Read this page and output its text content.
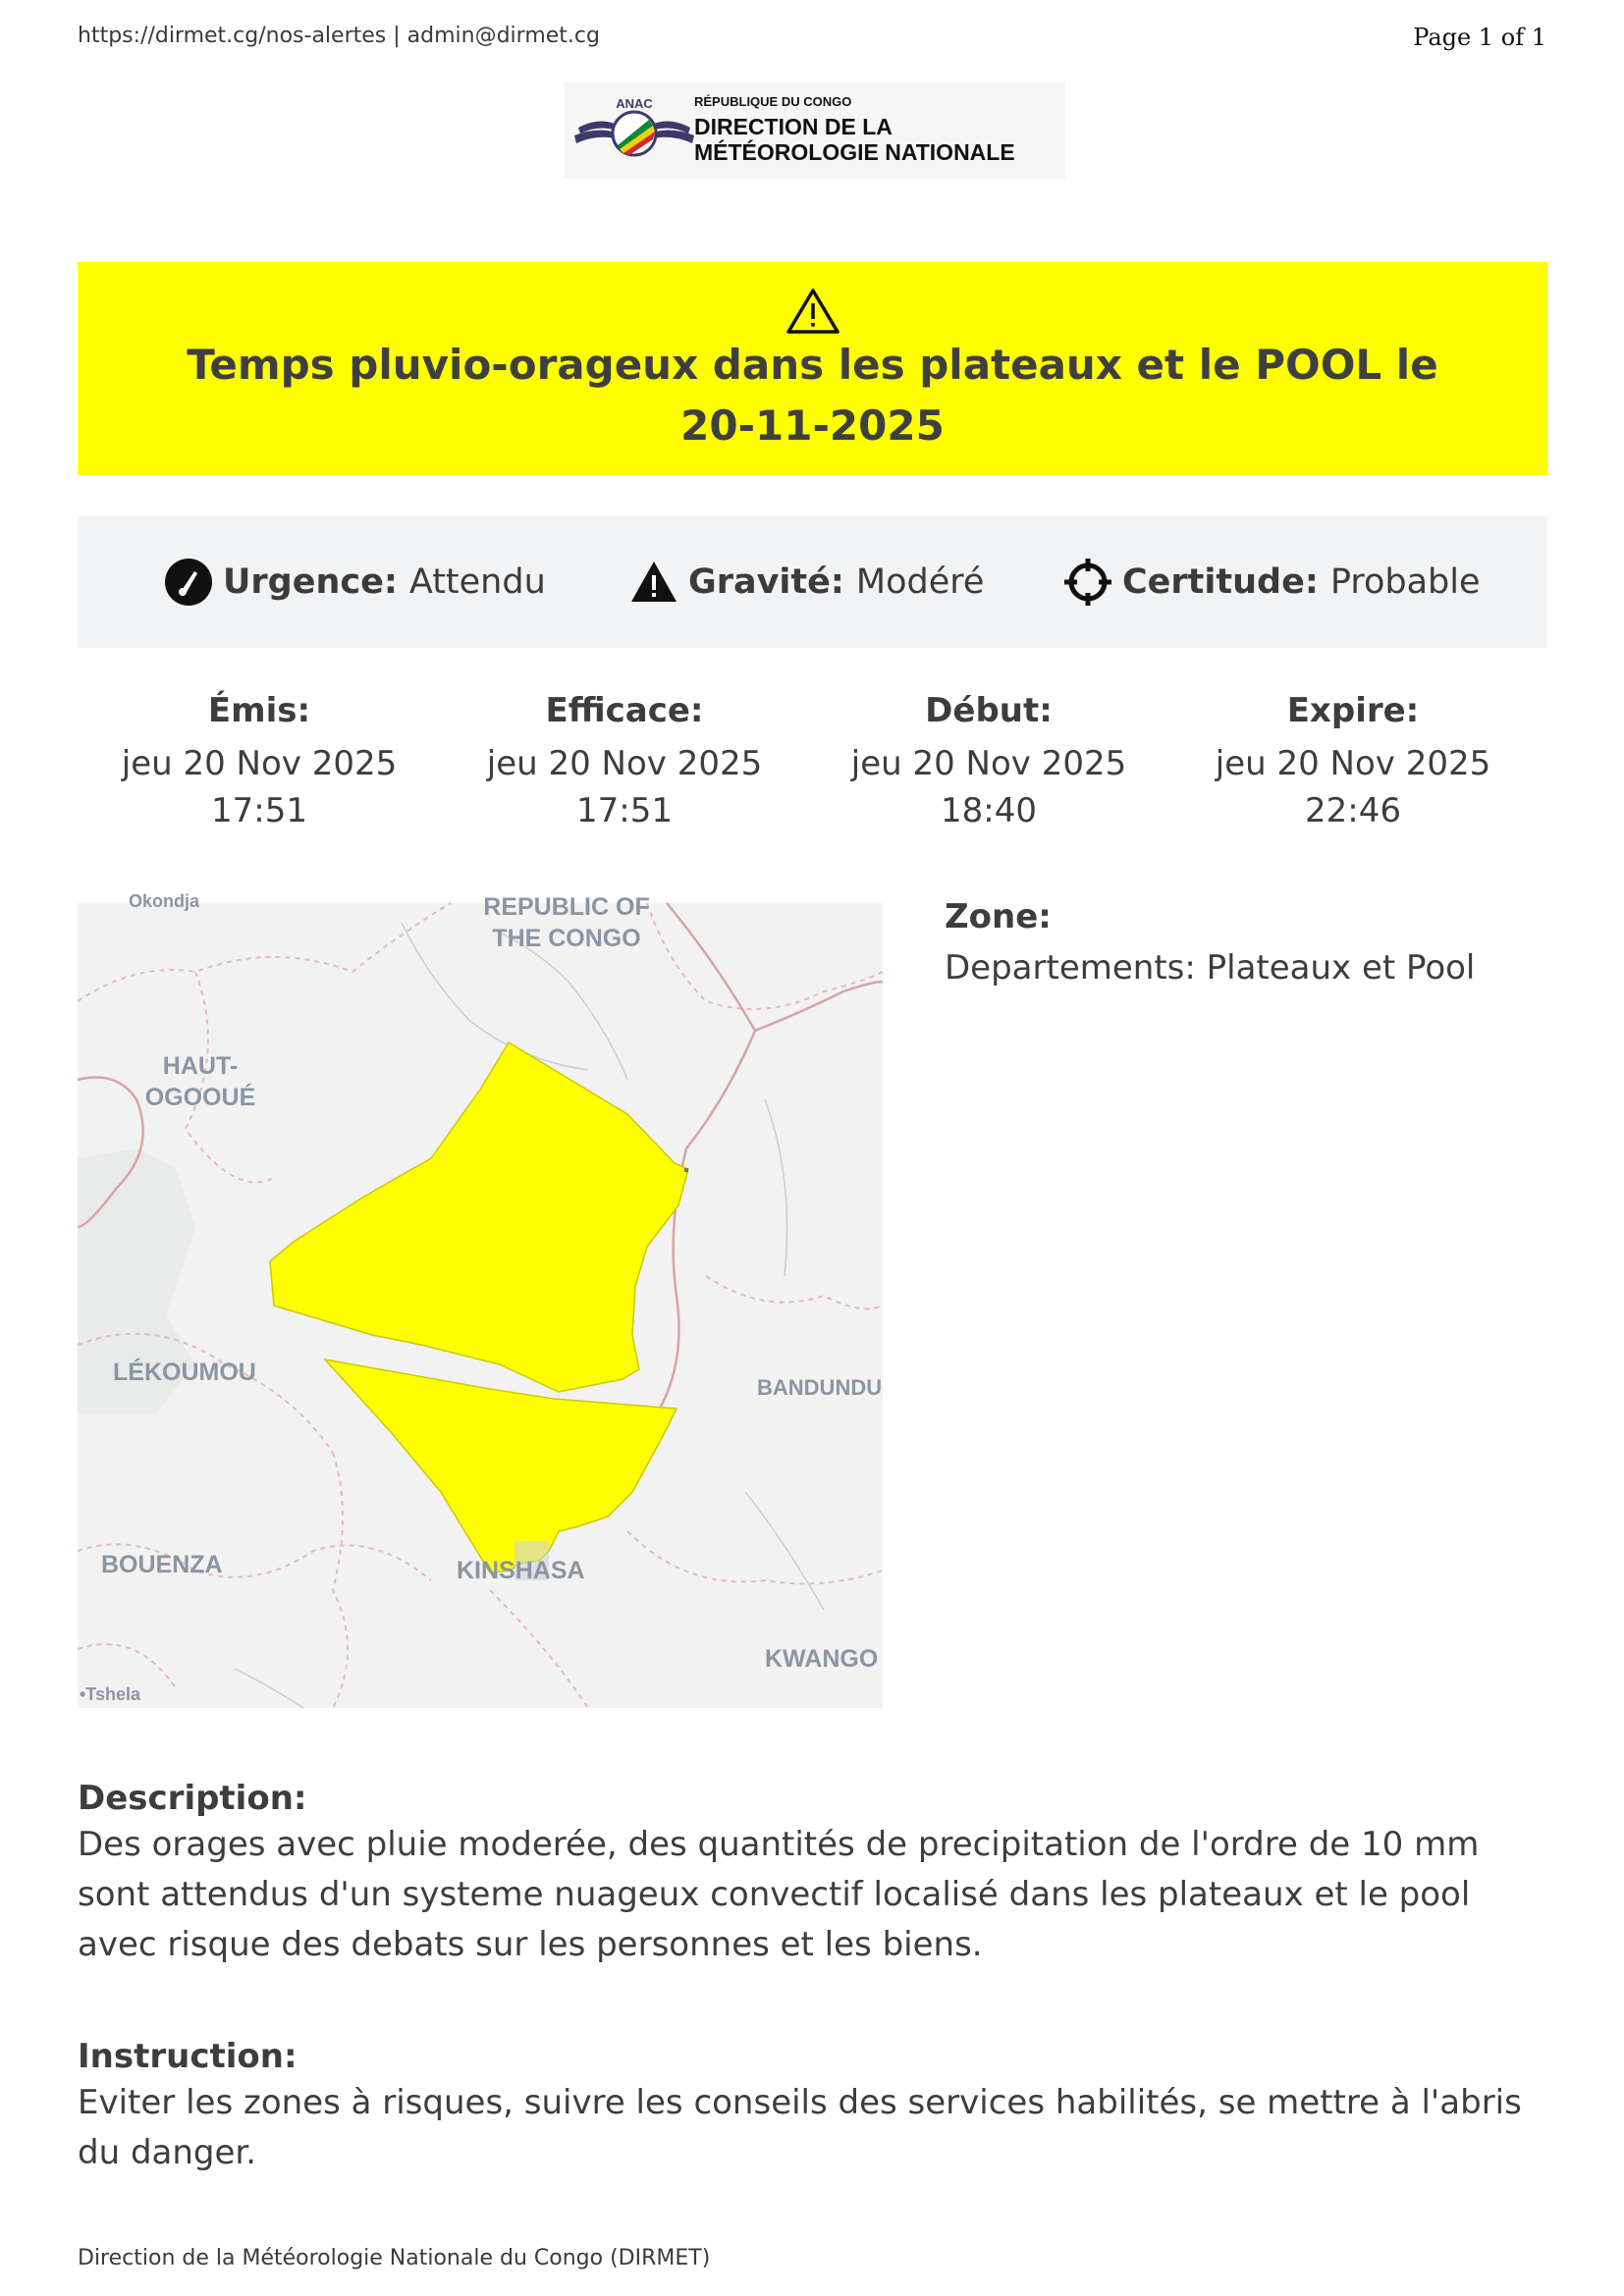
https://dirmet.cg/nos-alertes | admin@dirmet.cg	Page 1 of 1
ANAC	RÉPUBLIQUE DU CONGO
DIRECTION DE LA
MÉTÉOROLOGIE NATIONALE
Temps pluvio-orageux dans les plateaux et le POOL le 20-11-2025
Urgence: Attendu	Gravité: Modéré	Certitude: Probable
Émis:
jeu 20 Nov 2025
17:51
Efficace:
jeu 20 Nov 2025
17:51
Début:
jeu 20 Nov 2025
18:40
Expire:
jeu 20 Nov 2025
22:46
Okondja	REPUBLIC OF THE CONGO
HAUT- OGOOUÉ
LÉKOUMOU
BANDUNDU
BOUENZA	KINSHASA
KWANGO
•Tshela
Zone:
Departements: Plateaux et Pool
Description:
Des orages avec pluie moderée, des quantités de precipitation de l'ordre de 10 mm sont attendus d'un systeme nuageux convectif localisé dans les plateaux et le pool avec risque des debats sur les personnes et les biens.
Instruction:
Eviter les zones à risques, suivre les conseils des services habilités, se mettre à l'abris du danger.
Direction de la Météorologie Nationale du Congo (DIRMET)
